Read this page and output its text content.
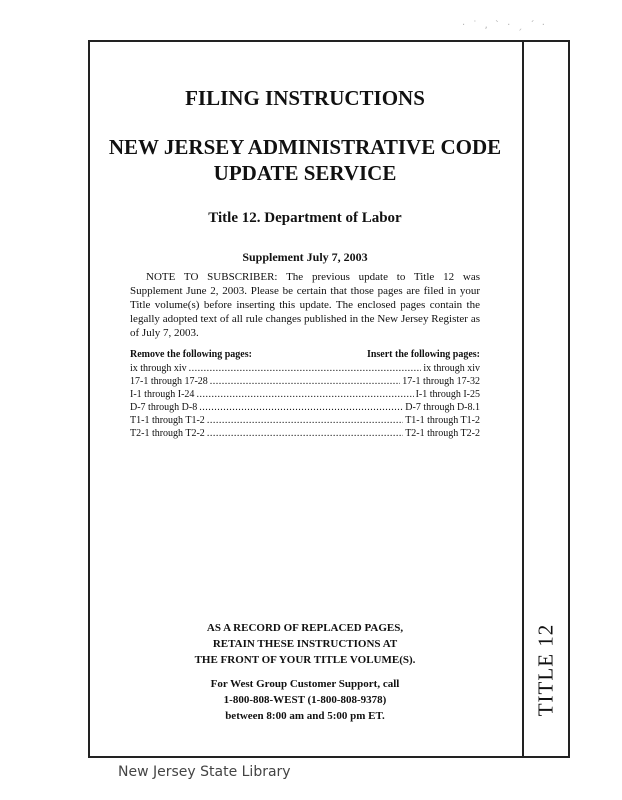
· ˙ ‚ ˋ · ˏ ˊ ·
TITLE 12
FILING INSTRUCTIONS
NEW JERSEY ADMINISTRATIVE CODE
UPDATE SERVICE
Title 12. Department of Labor
Supplement July 7, 2003
NOTE TO SUBSCRIBER: The previous update to Title 12 was Supplement June 2, 2003. Please be certain that those pages are filed in your Title volume(s) before inserting this update. The enclosed pages contain the legally adopted text of all rule changes published in the New Jersey Register as of July 7, 2003.
Remove the following pages:	Insert the following pages:
ix through xiv . . .	ix through xiv
17-1 through 17-28 . . .	17-1 through 17-32
I-1 through I-24 . . .	I-1 through I-25
D-7 through D-8 . . .	D-7 through D-8.1
T1-1 through T1-2 . . .	T1-1 through T1-2
T2-1 through T2-2 . . .	T2-1 through T2-2
AS A RECORD OF REPLACED PAGES,
RETAIN THESE INSTRUCTIONS AT
THE FRONT OF YOUR TITLE VOLUME(S).
For West Group Customer Support, call
1-800-808-WEST (1-800-808-9378)
between 8:00 am and 5:00 pm ET.
New Jersey State Library
